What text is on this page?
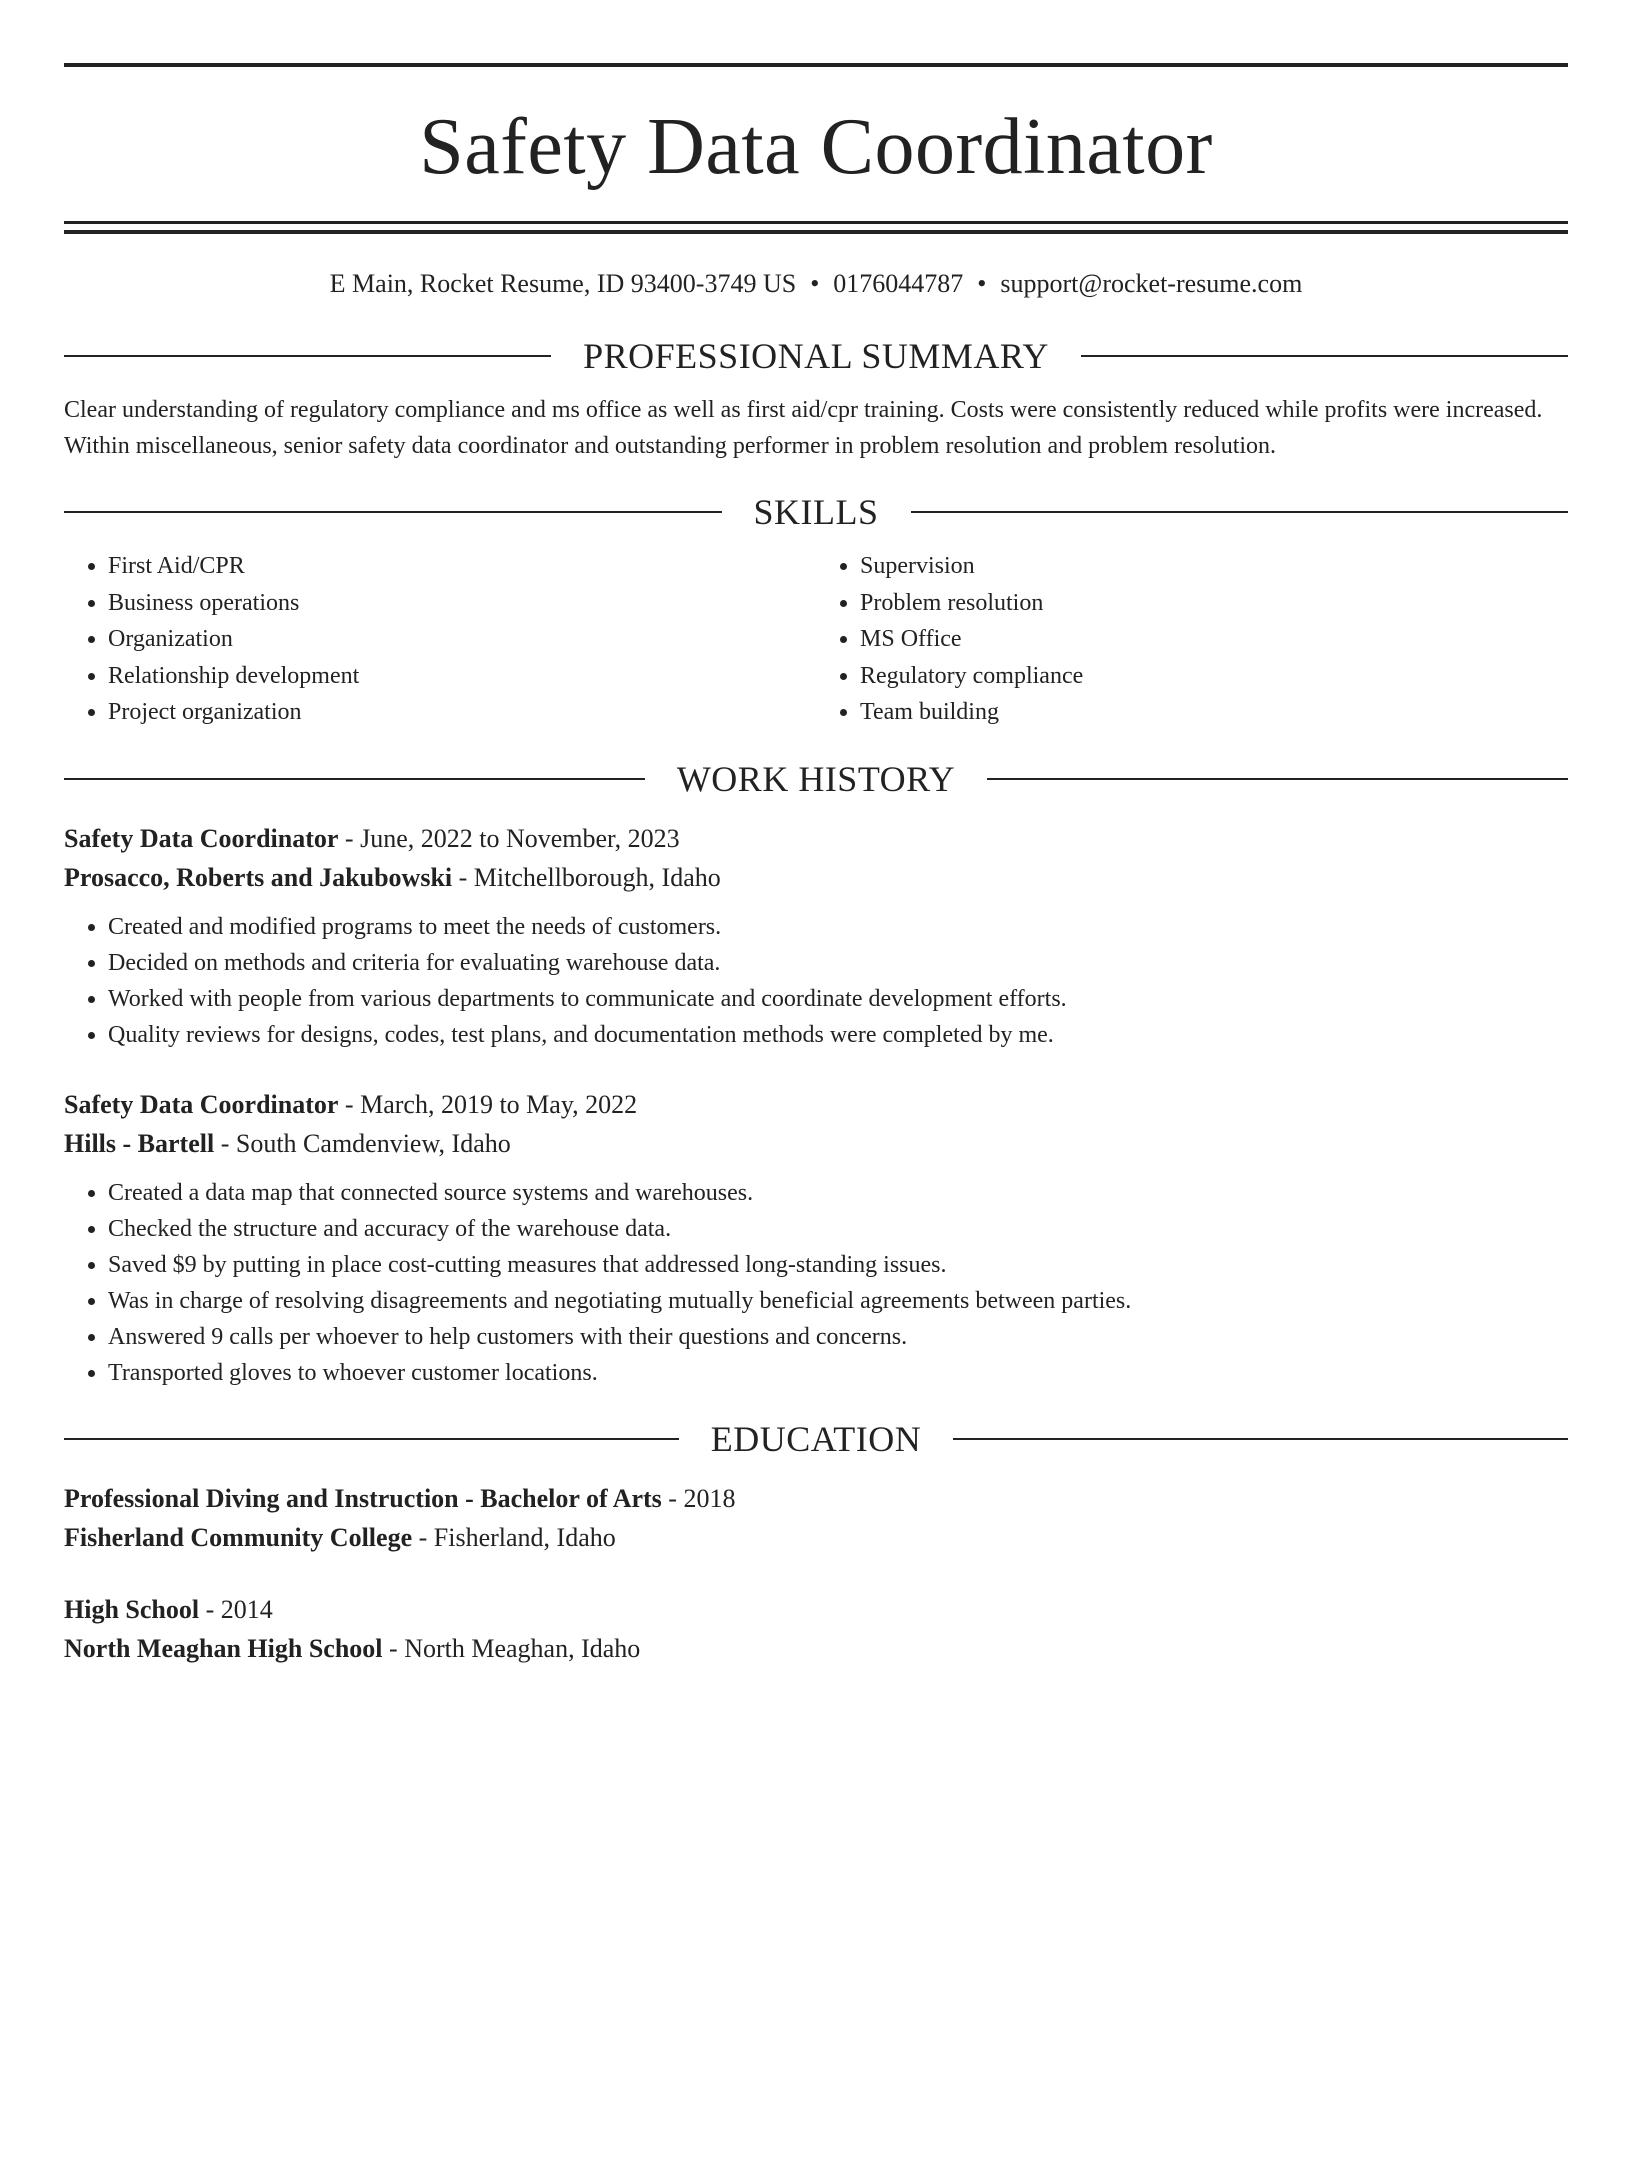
Safety Data Coordinator
E Main, Rocket Resume, ID 93400-3749 US • 0176044787 • support@rocket-resume.com
PROFESSIONAL SUMMARY
Clear understanding of regulatory compliance and ms office as well as first aid/cpr training. Costs were consistently reduced while profits were increased. Within miscellaneous, senior safety data coordinator and outstanding performer in problem resolution and problem resolution.
SKILLS
• First Aid/CPR
• Business operations
• Organization
• Relationship development
• Project organization
• Supervision
• Problem resolution
• MS Office
• Regulatory compliance
• Team building
WORK HISTORY
Safety Data Coordinator - June, 2022 to November, 2023
Prosacco, Roberts and Jakubowski - Mitchellborough, Idaho
• Created and modified programs to meet the needs of customers.
• Decided on methods and criteria for evaluating warehouse data.
• Worked with people from various departments to communicate and coordinate development efforts.
• Quality reviews for designs, codes, test plans, and documentation methods were completed by me.
Safety Data Coordinator - March, 2019 to May, 2022
Hills - Bartell - South Camdenview, Idaho
• Created a data map that connected source systems and warehouses.
• Checked the structure and accuracy of the warehouse data.
• Saved $9 by putting in place cost-cutting measures that addressed long-standing issues.
• Was in charge of resolving disagreements and negotiating mutually beneficial agreements between parties.
• Answered 9 calls per whoever to help customers with their questions and concerns.
• Transported gloves to whoever customer locations.
EDUCATION
Professional Diving and Instruction - Bachelor of Arts - 2018
Fisherland Community College - Fisherland, Idaho
High School - 2014
North Meaghan High School - North Meaghan, Idaho
